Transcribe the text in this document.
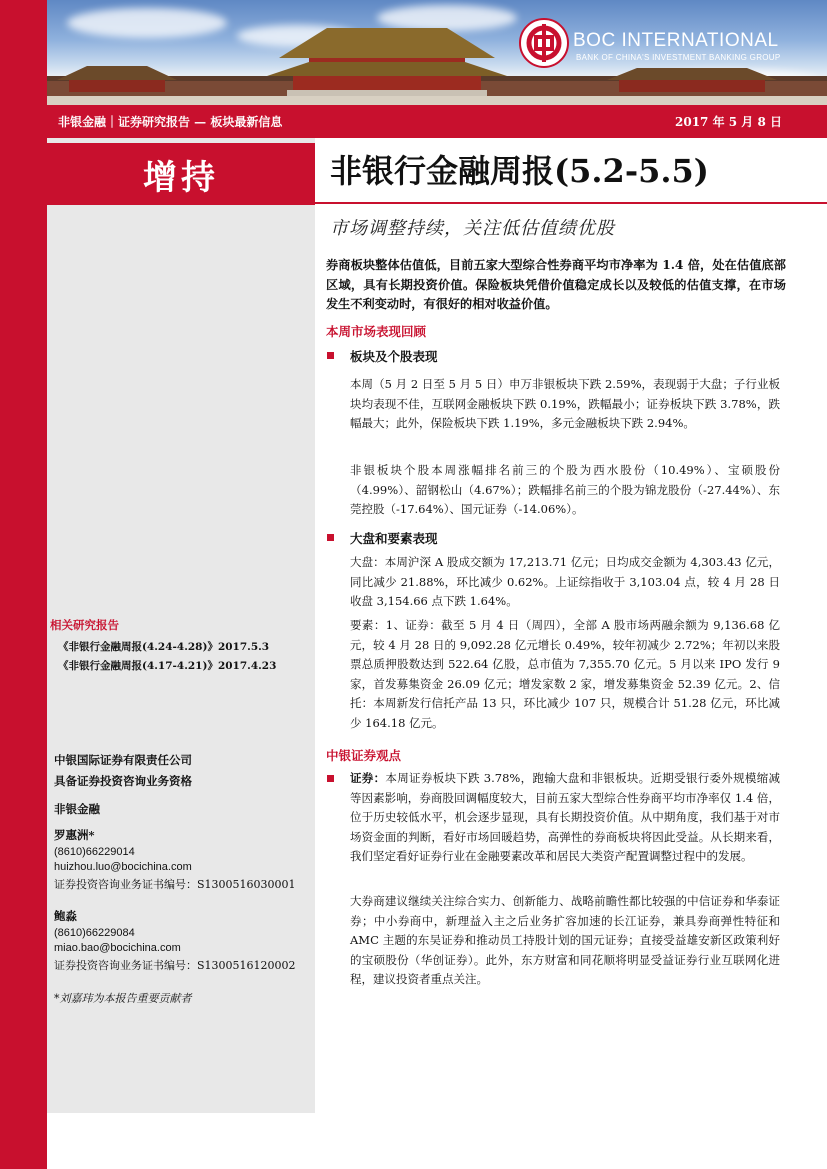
BOC INTERNATIONAL
BANK OF CHINA'S INVESTMENT BANKING GROUP
非银金融｜证券研究报告 — 板块最新信息	2017 年 5 月 8 日
增持
相关研究报告
《非银行金融周报(4.24-4.28)》2017.5.3
《非银行金融周报(4.17-4.21)》2017.4.23
中银国际证券有限责任公司
具备证券投资咨询业务资格
非银金融
罗惠洲*
(8610)66229014
huizhou.luo@bocichina.com
证券投资咨询业务证书编号：S1300516030001
鲍淼
(8610)66229084
miao.bao@bocichina.com
证券投资咨询业务证书编号：S1300516120002
*刘嘉玮为本报告重要贡献者
非银行金融周报(5.2-5.5)
市场调整持续，关注低估值绩优股
券商板块整体估值低，目前五家大型综合性券商平均市净率为 1.4 倍，处在估值底部区域，具有长期投资价值。保险板块凭借价值稳定成长以及较低的估值支撑，在市场发生不利变动时，有很好的相对收益价值。
本周市场表现回顾
板块及个股表现
本周（5 月 2 日至 5 月 5 日）申万非银板块下跌 2.59%，表现弱于大盘；子行业板块均表现不佳，互联网金融板块下跌 0.19%，跌幅最小；证券板块下跌 3.78%，跌幅最大；此外，保险板块下跌 1.19%，多元金融板块下跌 2.94%。
非银板块个股本周涨幅排名前三的个股为西水股份（10.49%）、宝硕股份（4.99%）、韶钢松山（4.67%）；跌幅排名前三的个股为锦龙股份（-27.44%）、东莞控股（-17.64%）、国元证券（-14.06%）。
大盘和要素表现
大盘：本周沪深 A 股成交额为 17,213.71 亿元；日均成交金额为 4,303.43 亿元，同比减少 21.88%，环比减少 0.62%。上证综指收于 3,103.04 点，较 4 月 28 日收盘 3,154.66 点下跌 1.64%。
要素：1、证券：截至 5 月 4 日（周四），全部 A 股市场两融余额为 9,136.68 亿元，较 4 月 28 日的 9,092.28 亿元增长 0.49%，较年初减少 2.72%；年初以来股票总质押股数达到 522.64 亿股，总市值为 7,355.70 亿元。5 月以来 IPO 发行 9 家，首发募集资金 26.09 亿元；增发家数 2 家，增发募集资金 52.39 亿元。2、信托：本周新发行信托产品 13 只，环比减少 107 只，规模合计 51.28 亿元，环比减少 164.18 亿元。
中银证券观点
证券：本周证券板块下跌 3.78%，跑输大盘和非银板块。近期受银行委外规模缩减等因素影响，券商股回调幅度较大，目前五家大型综合性券商平均市净率仅 1.4 倍，位于历史较低水平，机会逐步显现，具有长期投资价值。从中期角度，我们基于对市场资金面的判断，看好市场回暖趋势，高弹性的券商板块将因此受益。从长期来看，我们坚定看好证券行业在金融要素改革和居民大类资产配置调整过程中的发展。
大券商建议继续关注综合实力、创新能力、战略前瞻性都比较强的中信证券和华泰证券；中小券商中，新理益入主之后业务扩容加速的长江证券，兼具券商弹性特征和 AMC 主题的东吴证券和推动员工持股计划的国元证券；直接受益雄安新区政策利好的宝硕股份（华创证券）。此外，东方财富和同花顺将明显受益证券行业互联网化进程，建议投资者重点关注。
